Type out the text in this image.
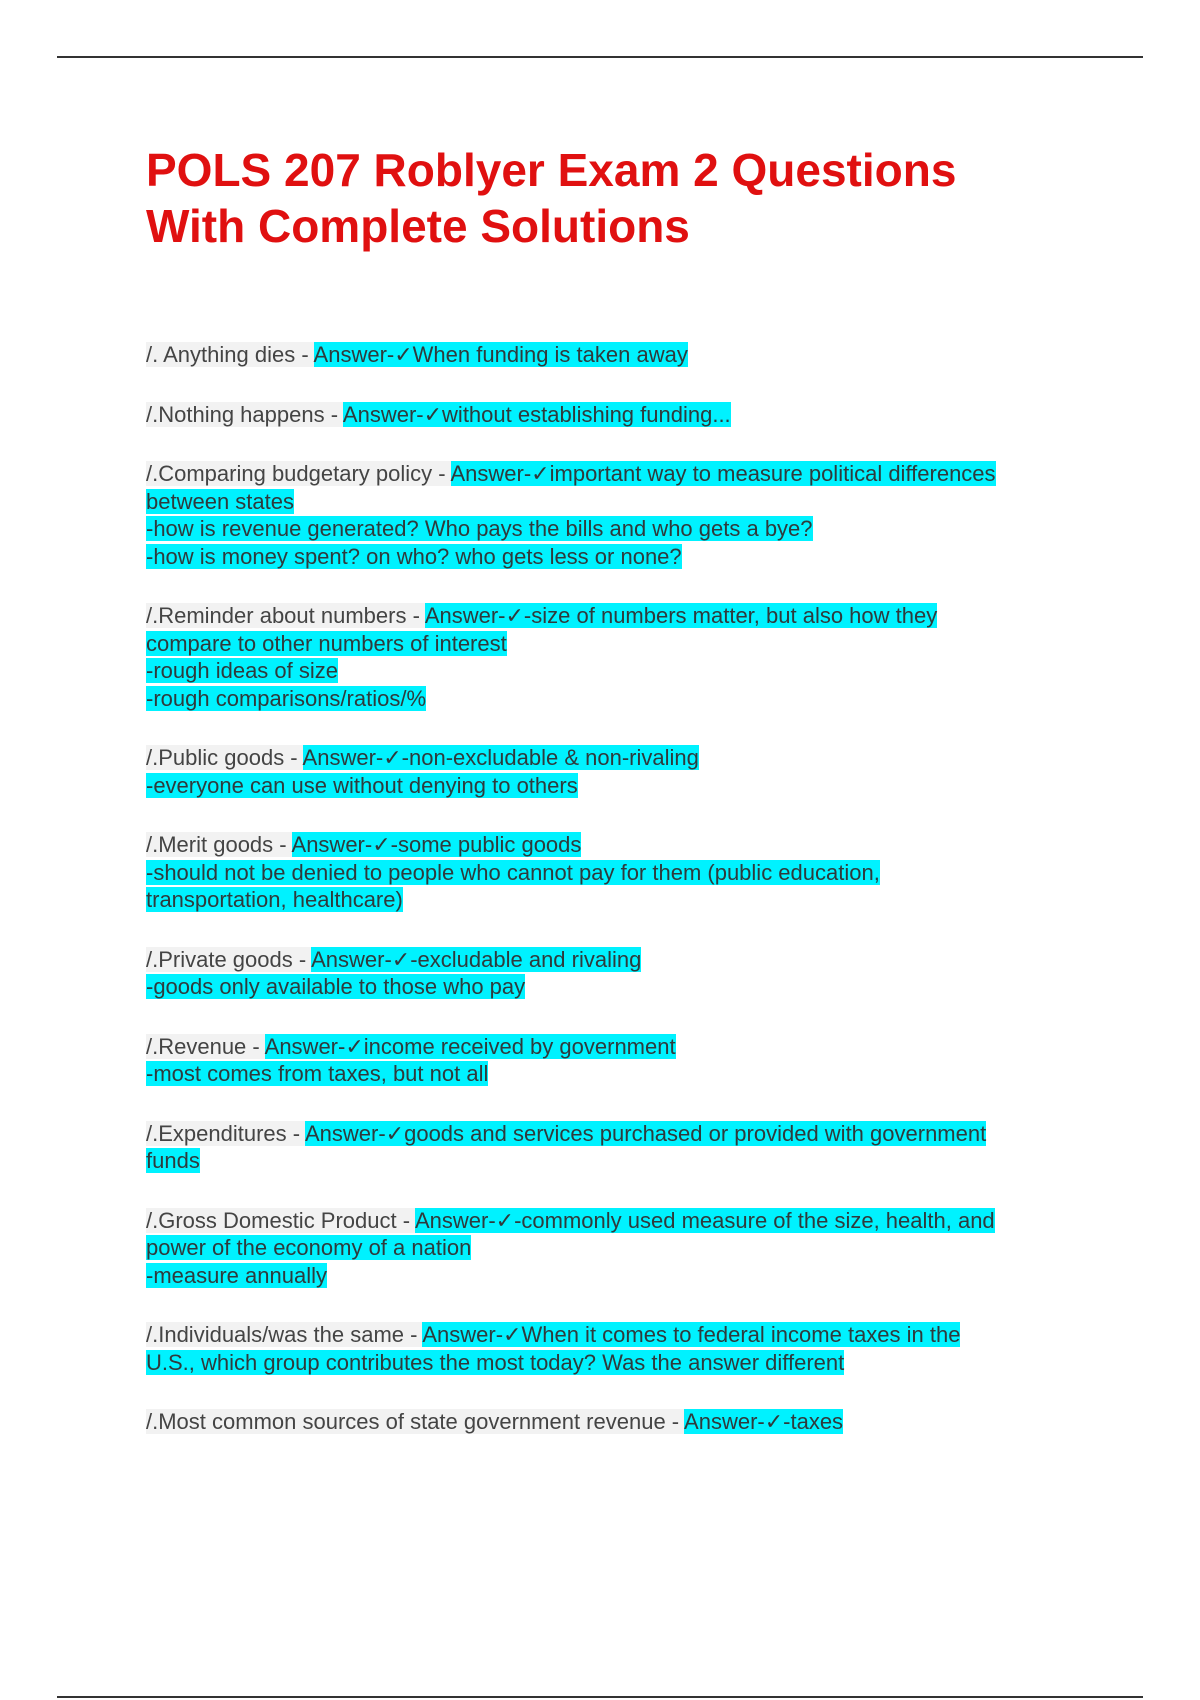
POLS 207 Roblyer Exam 2 Questions
With Complete Solutions
/. Anything dies - Answer-✓When funding is taken away
/.Nothing happens - Answer-✓without establishing funding...
/.Comparing budgetary policy - Answer-✓important way to measure political differences
between states
-how is revenue generated? Who pays the bills and who gets a bye?
-how is money spent? on who? who gets less or none?
/.Reminder about numbers - Answer-✓-size of numbers matter, but also how they
compare to other numbers of interest
-rough ideas of size
-rough comparisons/ratios/%
/.Public goods - Answer-✓-non-excludable & non-rivaling
-everyone can use without denying to others
/.Merit goods - Answer-✓-some public goods
-should not be denied to people who cannot pay for them (public education,
transportation, healthcare)
/.Private goods - Answer-✓-excludable and rivaling
-goods only available to those who pay
/.Revenue - Answer-✓income received by government
-most comes from taxes, but not all
/.Expenditures - Answer-✓goods and services purchased or provided with government
funds
/.Gross Domestic Product - Answer-✓-commonly used measure of the size, health, and
power of the economy of a nation
-measure annually
/.Individuals/was the same - Answer-✓When it comes to federal income taxes in the
U.S., which group contributes the most today? Was the answer different
/.Most common sources of state government revenue - Answer-✓-taxes
